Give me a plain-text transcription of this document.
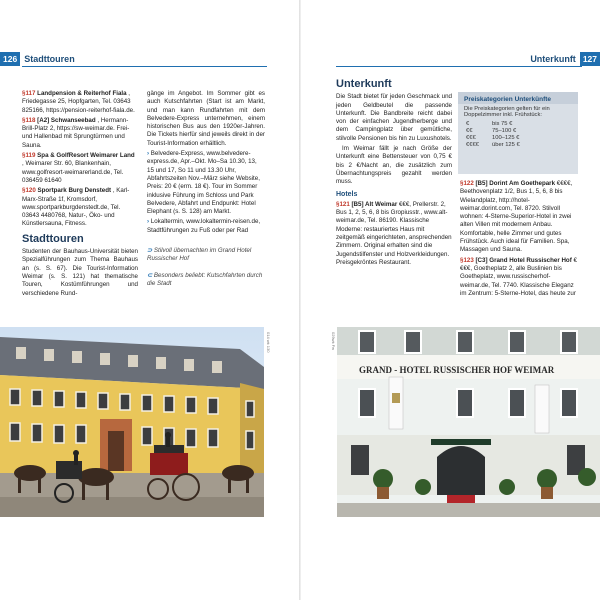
126 Stadttouren
§117 Landpension & Reiterhof Fiala , Friedegasse 25, Hopfgarten, Tel. 03643 825166, https://pension-reiterhof-fiala.de.
§118 [A2] Schwanseebad , Hermann-Brill-Platz 2, https://sw-weimar.de. Frei- und Hallenbad mit Sprungtürmen und Sauna.
§119 Spa & GolfResort Weimarer Land , Weimarer Str. 60, Blankenhain, www.golfresort-weimarerland.de, Tel. 036459 61640
§120 Sportpark Burg Denstedt , Karl-Marx-Straße 1f, Kromsdorf, www.sportparkburgdenstedt.de, Tel. 03643 4480768, Natur-, Öko- und Künstlersauna, Fitness.
Stadttouren

Studenten der Bauhaus-Universität bieten Spezialführungen zum Thema Bauhaus an (s. S. 67). Die Tourist-Information Weimar (s. S. 121) hat thematische Touren, Kostümführungen und verschiedene Rund-

gänge im Angebot. Im Sommer gibt es auch Kutschfahrten (Start ist am Markt, und man kann Rundfahrten mit dem Belvedere-Express unternehmen, einem historischen Bus aus den 1920er-Jahren. Die Tickets hierfür sind jeweils direkt in der Tourist-Information erhältlich.

› Belvedere-Express, www.belvedere-express.de, Apr.–Okt. Mo–Sa 10.30, 13, 15 und 17, So 11 und 13.30 Uhr, Abfahrtszeiten Nov.–März siehe Website, Preis: 20 € (erm. 18 €). Tour im Sommer inklusive Führung im Schloss und Park Belvedere, Abfahrt und Endpunkt: Hotel Elephant (s. S. 128) am Markt.
› Lokaltermin, www.lokaltermin-reisen.de, Stadtführungen zu Fuß oder per Rad
⊃ Stilvoll übernachten im Grand Hotel Russischer Hof
⊂ Besonders beliebt: Kutschfahrten durch die Stadt
014 wk 130
Unterkunft 127
Unterkunft

Die Stadt bietet für jeden Geschmack und jeden Geldbeutel die passende Unterkunft. Die Bandbreite reicht dabei von der einfachen Jugendherberge und dem Campingplatz über gemütliche, stilvolle Pensionen bis hin zu Luxushotels.

Im Weimar fällt je nach Größe der Unterkunft eine Bettensteuer von 0,75 € bis 2 €/Nacht an, die zusätzlich zum Übernachtungspreis gezahlt werden muss.

Hotels
§121 [B5] Alt Weimar €€€, Prellerstr. 2, Bus 1, 2, 5, 6, 8 bis Gropiusstr., www.alt-weimar.de, Tel. 86190. Klassische Moderne: restauriertes Haus mit zeitgemäß eingerichteten, ansprechenden Zimmern. Original erhalten sind die Jugendstilfenster und Holzverkleidungen. Preisgekröntes Restaurant.
Preiskategorien Unterkünfte
Die Preiskategorien gelten für ein Doppelzimmer inkl. Frühstück:
€	bis 75 €
€€	75–100 €
€€€	100–125 €
€€€€	über 125 €
§122 [B5] Dorint Am Goethepark €€€€, Beethovenplatz 1/2, Bus 1, 5, 6, 8 bis Wielandplatz, http://hotel-weimar.dorint.com, Tel. 8720. Stilvoll wohnen: 4-Sterne-Superior-Hotel in zwei alten Villen mit modernem Anbau. Komfortable, helle Zimmer und gutes Frühstück. Auch ideal für Familien. Spa, Massagen und Sauna.
§123 [C3] Grand Hotel Russischer Hof €€€€, Goetheplatz 2, alle Buslinien bis Goetheplatz, www.russischerhof-weimar.de, Tel. 7740. Klassische Eleganz im Zentrum: 5-Sterne-Hotel, das heute zur
GRAND - HOTEL RUSSISCHER HOF WEIMAR
029wk Fw
